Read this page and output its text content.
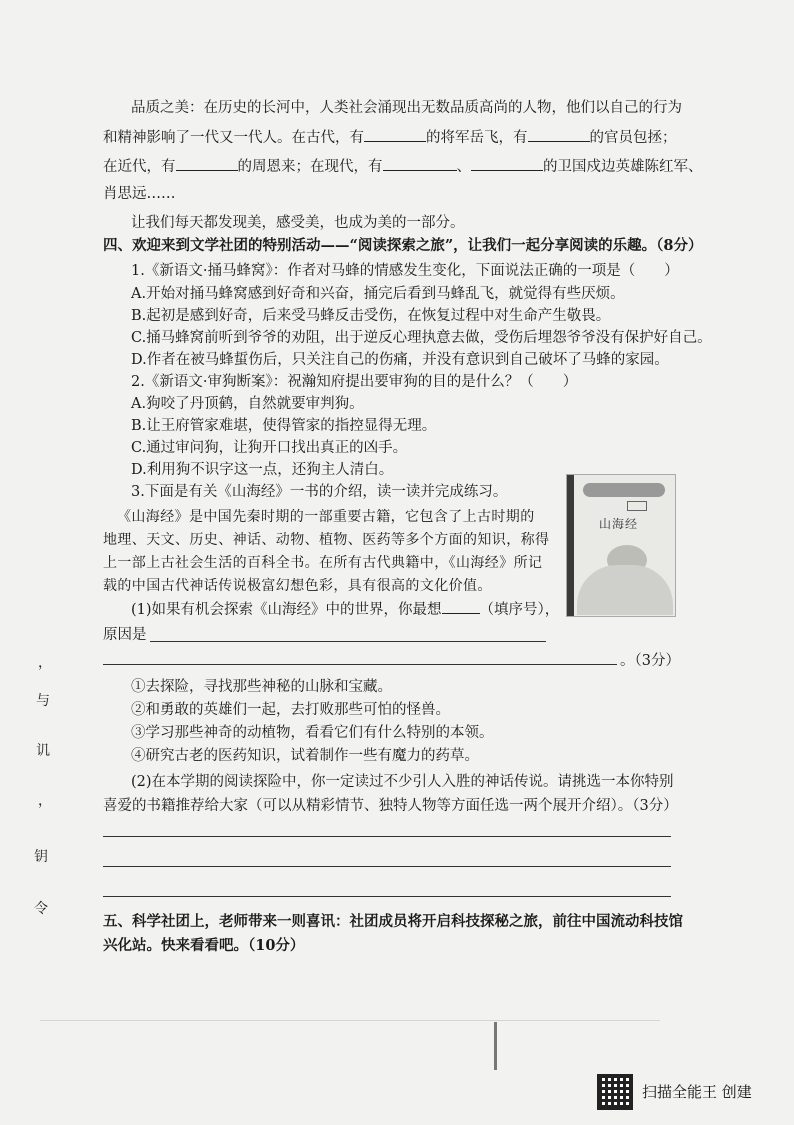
品质之美：在历史的长河中，人类社会涌现出无数品质高尚的人物，他们以自己的行为
和精神影响了一代又一代人。在古代，有	的将军岳飞，有	的官员包拯；
在近代，有	的周恩来；在现代，有	、	的卫国戍边英雄陈红军、
肖思远……
让我们每天都发现美，感受美，也成为美的一部分。
四、欢迎来到文学社团的特别活动——“阅读探索之旅”，让我们一起分享阅读的乐趣。（8分）
1.《新语文·捅马蜂窝》：作者对马蜂的情感发生变化，下面说法正确的一项是（　　）
A.开始对捅马蜂窝感到好奇和兴奋，捅完后看到马蜂乱飞，就觉得有些厌烦。
B.起初是感到好奇，后来受马蜂反击受伤，在恢复过程中对生命产生敬畏。
C.捅马蜂窝前听到爷爷的劝阻，出于逆反心理执意去做，受伤后埋怨爷爷没有保护好自己。
D.作者在被马蜂蜇伤后，只关注自己的伤痛，并没有意识到自己破坏了马蜂的家园。
2.《新语文·审狗断案》：祝瀚知府提出要审狗的目的是什么？（　　）
A.狗咬了丹顶鹤，自然就要审判狗。
B.让王府管家难堪，使得管家的指控显得无理。
C.通过审问狗，让狗开口找出真正的凶手。
D.利用狗不识字这一点，还狗主人清白。
3.下面是有关《山海经》一书的介绍，读一读并完成练习。
《山海经》是中国先秦时期的一部重要古籍，它包含了上古时期的
地理、天文、历史、神话、动物、植物、医药等多个方面的知识，称得
上一部上古社会生活的百科全书。在所有古代典籍中，《山海经》所记
载的中国古代神话传说极富幻想色彩，具有很高的文化价值。
山海经
(1)如果有机会探索《山海经》中的世界，你最想	（填序号），
原因是
。（3分）
①去探险，寻找那些神秘的山脉和宝藏。
②和勇敢的英雄们一起，去打败那些可怕的怪兽。
③学习那些神奇的动植物，看看它们有什么特别的本领。
④研究古老的医药知识，试着制作一些有魔力的药草。
(2)在本学期的阅读探险中，你一定读过不少引人入胜的神话传说。请挑选一本你特别
喜爱的书籍推荐给大家（可以从精彩情节、独特人物等方面任选一两个展开介绍）。（3分）
五、科学社团上，老师带来一则喜讯：社团成员将开启科技探秘之旅，前往中国流动科技馆
兴化站。快来看看吧。（10分）
，
与
讥
，
钥
令
扫描全能王 创建
